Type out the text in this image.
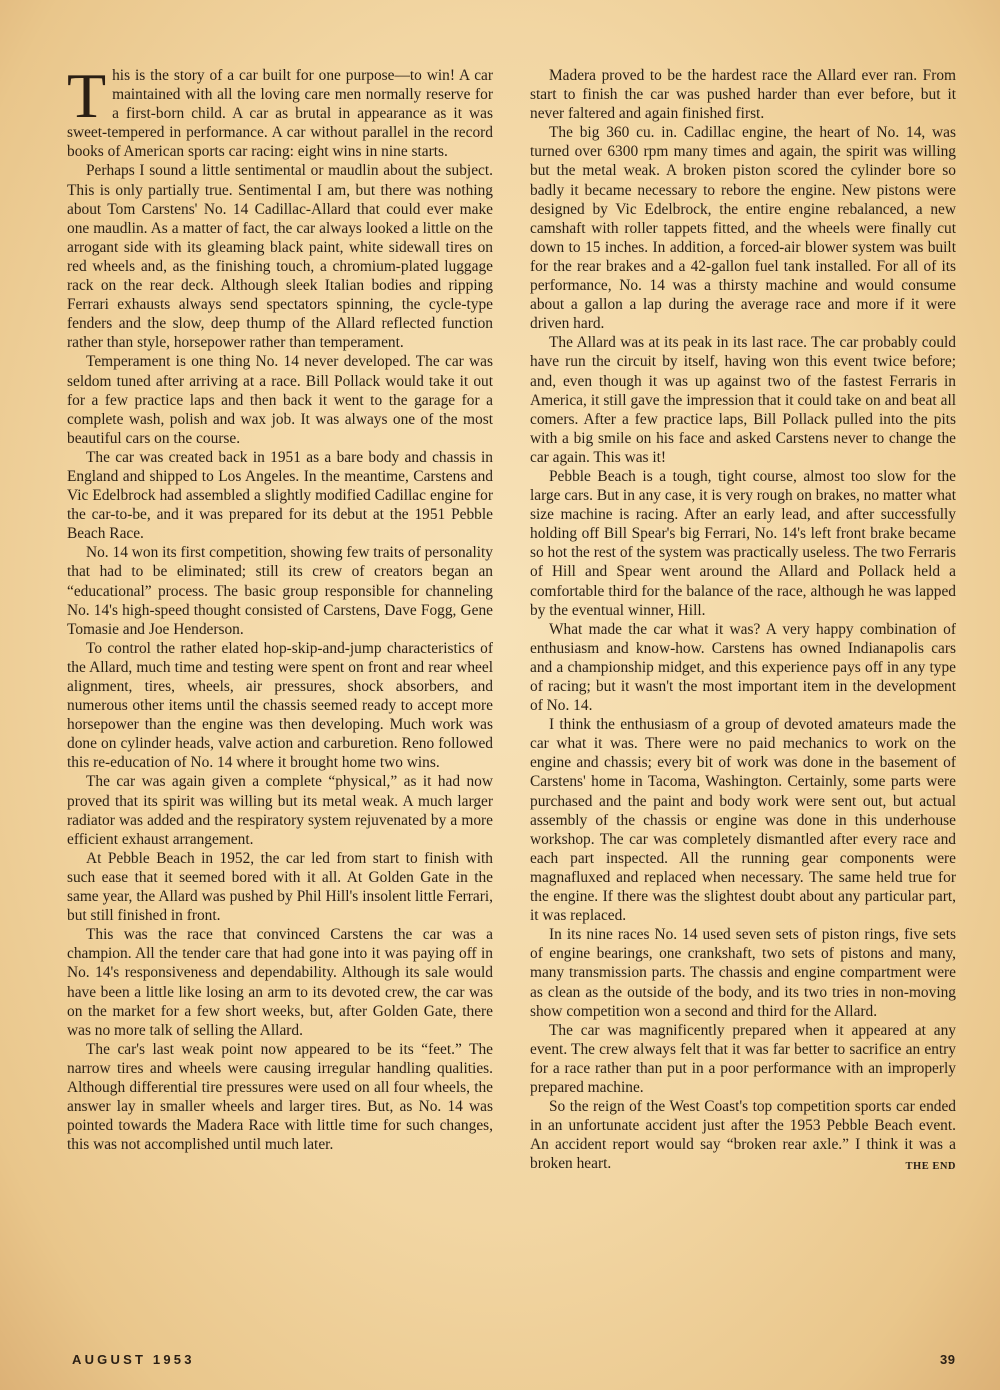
This is the story of a car built for one purpose—to win! A car maintained with all the loving care men normally reserve for a first-born child. A car as brutal in appearance as it was sweet-tempered in performance. A car without parallel in the record books of American sports car racing: eight wins in nine starts.

Perhaps I sound a little sentimental or maudlin about the subject. This is only partially true. Sentimental I am, but there was nothing about Tom Carstens' No. 14 Cadillac-Allard that could ever make one maudlin. As a matter of fact, the car always looked a little on the arrogant side with its gleaming black paint, white sidewall tires on red wheels and, as the finishing touch, a chromium-plated luggage rack on the rear deck. Although sleek Italian bodies and ripping Ferrari exhausts always send spectators spinning, the cycle-type fenders and the slow, deep thump of the Allard reflected function rather than style, horsepower rather than temperament.

Temperament is one thing No. 14 never developed. The car was seldom tuned after arriving at a race. Bill Pollack would take it out for a few practice laps and then back it went to the garage for a complete wash, polish and wax job. It was always one of the most beautiful cars on the course.

The car was created back in 1951 as a bare body and chassis in England and shipped to Los Angeles. In the meantime, Carstens and Vic Edelbrock had assembled a slightly modified Cadillac engine for the car-to-be, and it was prepared for its debut at the 1951 Pebble Beach Race.

No. 14 won its first competition, showing few traits of personality that had to be eliminated; still its crew of creators began an “educational” process. The basic group responsible for channeling No. 14's high-speed thought consisted of Carstens, Dave Fogg, Gene Tomasie and Joe Henderson.

To control the rather elated hop-skip-and-jump characteristics of the Allard, much time and testing were spent on front and rear wheel alignment, tires, wheels, air pressures, shock absorbers, and numerous other items until the chassis seemed ready to accept more horsepower than the engine was then developing. Much work was done on cylinder heads, valve action and carburetion. Reno followed this re-education of No. 14 where it brought home two wins.

The car was again given a complete “physical,” as it had now proved that its spirit was willing but its metal weak. A much larger radiator was added and the respiratory system rejuvenated by a more efficient exhaust arrangement.

At Pebble Beach in 1952, the car led from start to finish with such ease that it seemed bored with it all. At Golden Gate in the same year, the Allard was pushed by Phil Hill's insolent little Ferrari, but still finished in front.

This was the race that convinced Carstens the car was a champion. All the tender care that had gone into it was paying off in No. 14's responsiveness and dependability. Although its sale would have been a little like losing an arm to its devoted crew, the car was on the market for a few short weeks, but, after Golden Gate, there was no more talk of selling the Allard.

The car's last weak point now appeared to be its “feet.” The narrow tires and wheels were causing irregular handling qualities. Although differential tire pressures were used on all four wheels, the answer lay in smaller wheels and larger tires. But, as No. 14 was pointed towards the Madera Race with little time for such changes, this was not accomplished until much later.

Madera proved to be the hardest race the Allard ever ran. From start to finish the car was pushed harder than ever before, but it never faltered and again finished first.

The big 360 cu. in. Cadillac engine, the heart of No. 14, was turned over 6300 rpm many times and again, the spirit was willing but the metal weak. A broken piston scored the cylinder bore so badly it became necessary to rebore the engine. New pistons were designed by Vic Edelbrock, the entire engine rebalanced, a new camshaft with roller tappets fitted, and the wheels were finally cut down to 15 inches. In addition, a forced-air blower system was built for the rear brakes and a 42-gallon fuel tank installed. For all of its performance, No. 14 was a thirsty machine and would consume about a gallon a lap during the average race and more if it were driven hard.

The Allard was at its peak in its last race. The car probably could have run the circuit by itself, having won this event twice before; and, even though it was up against two of the fastest Ferraris in America, it still gave the impression that it could take on and beat all comers. After a few practice laps, Bill Pollack pulled into the pits with a big smile on his face and asked Carstens never to change the car again. This was it!

Pebble Beach is a tough, tight course, almost too slow for the large cars. But in any case, it is very rough on brakes, no matter what size machine is racing. After an early lead, and after successfully holding off Bill Spear's big Ferrari, No. 14's left front brake became so hot the rest of the system was practically useless. The two Ferraris of Hill and Spear went around the Allard and Pollack held a comfortable third for the balance of the race, although he was lapped by the eventual winner, Hill.

What made the car what it was? A very happy combination of enthusiasm and know-how. Carstens has owned Indianapolis cars and a championship midget, and this experience pays off in any type of racing; but it wasn't the most important item in the development of No. 14.

I think the enthusiasm of a group of devoted amateurs made the car what it was. There were no paid mechanics to work on the engine and chassis; every bit of work was done in the basement of Carstens' home in Tacoma, Washington. Certainly, some parts were purchased and the paint and body work were sent out, but actual assembly of the chassis or engine was done in this underhouse workshop. The car was completely dismantled after every race and each part inspected. All the running gear components were magnafluxed and replaced when necessary. The same held true for the engine. If there was the slightest doubt about any particular part, it was replaced.

In its nine races No. 14 used seven sets of piston rings, five sets of engine bearings, one crankshaft, two sets of pistons and many, many transmission parts. The chassis and engine compartment were as clean as the outside of the body, and its two tries in non-moving show competition won a second and third for the Allard.

The car was magnificently prepared when it appeared at any event. The crew always felt that it was far better to sacrifice an entry for a race rather than put in a poor performance with an improperly prepared machine.

So the reign of the West Coast's top competition sports car ended in an unfortunate accident just after the 1953 Pebble Beach event. An accident report would say “broken rear axle.” I think it was a broken heart.	THE END

AUGUST 1953	39
